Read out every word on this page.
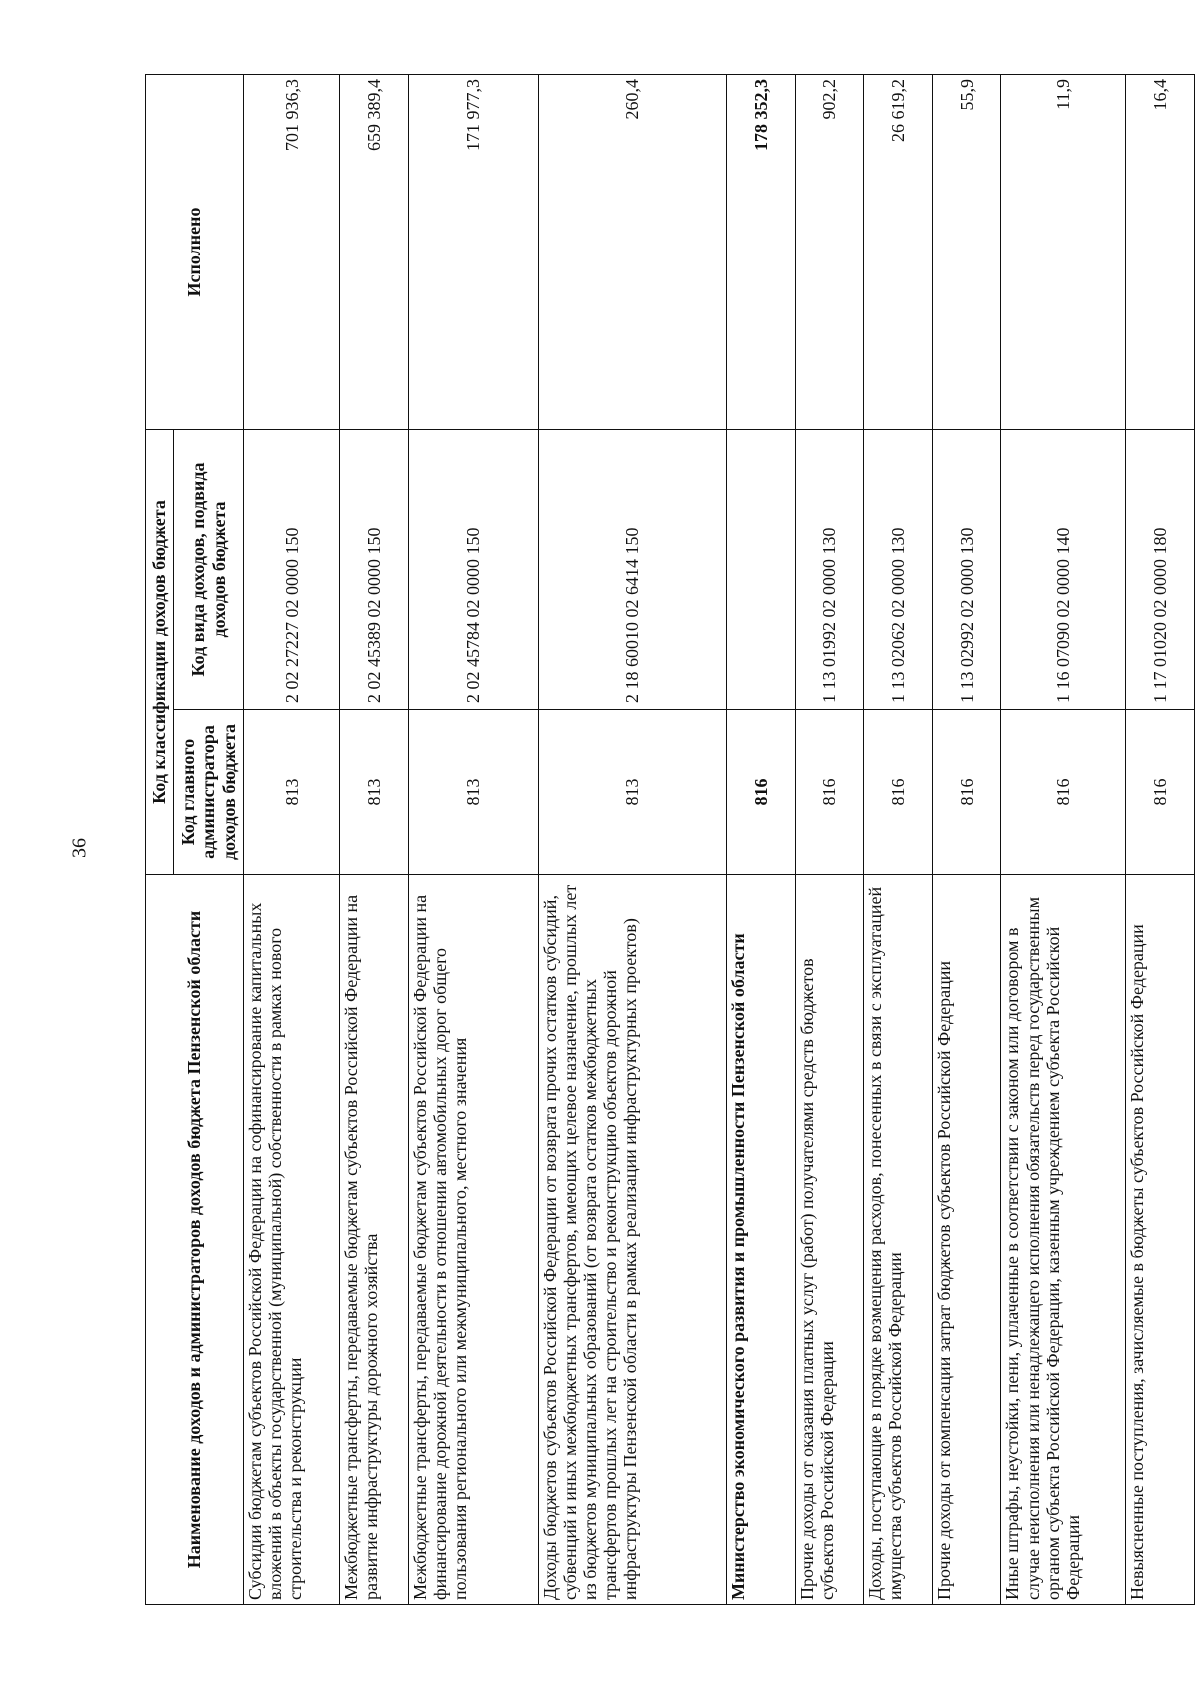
36
Наименование доходов и администраторов доходов бюджета Пензенской области	Код классификации доходов бюджета		Исполнено
	Код главного администратора доходов бюджета	Код вида доходов, подвида доходов бюджета	
Субсидии бюджетам субъектов Российской Федерации на софинансирование капитальных вложений в объекты государственной (муниципальной) собственности в рамках нового строительства и реконструкции	813	2 02 27227 02 0000 150	701 936,3
Межбюджетные трансферты, передаваемые бюджетам субъектов Российской Федерации на развитие инфраструктуры дорожного хозяйства	813	2 02 45389 02 0000 150	659 389,4
Межбюджетные трансферты, передаваемые бюджетам субъектов Российской Федерации на финансирование дорожной деятельности в отношении автомобильных дорог общего пользования регионального или межмуниципального, местного значения	813	2 02 45784 02 0000 150	171 977,3
Доходы бюджетов субъектов Российской Федерации от возврата прочих остатков субсидий, субвенций и иных межбюджетных трансфертов, имеющих целевое назначение, прошлых лет из бюджетов муниципальных образований (от возврата остатков межбюджетных трансфертов прошлых лет на строительство и реконструкцию объектов дорожной инфраструктуры Пензенской области в рамках реализации инфраструктурных проектов)	813	2 18 60010 02 6414 150	260,4
Министерство экономического развития и промышленности Пензенской области	816		178 352,3
Прочие доходы от оказания платных услуг (работ) получателями средств бюджетов субъектов Российской Федерации	816	1 13 01992 02 0000 130	902,2
Доходы, поступающие в порядке возмещения расходов, понесенных в связи с эксплуатацией имущества субъектов Российской Федерации	816	1 13 02062 02 0000 130	26 619,2
Прочие доходы от компенсации затрат бюджетов субъектов Российской Федерации	816	1 13 02992 02 0000 130	55,9
Иные штрафы, неустойки, пени, уплаченные в соответствии с законом или договором в случае неисполнения или ненадлежащего исполнения обязательств перед государственным органом субъекта Российской Федерации, казенным учреждением субъекта Российской Федерации	816	1 16 07090 02 0000 140	11,9
Невыясненные поступления, зачисляемые в бюджеты субъектов Российской Федерации	816	1 17 01020 02 0000 180	16,4
